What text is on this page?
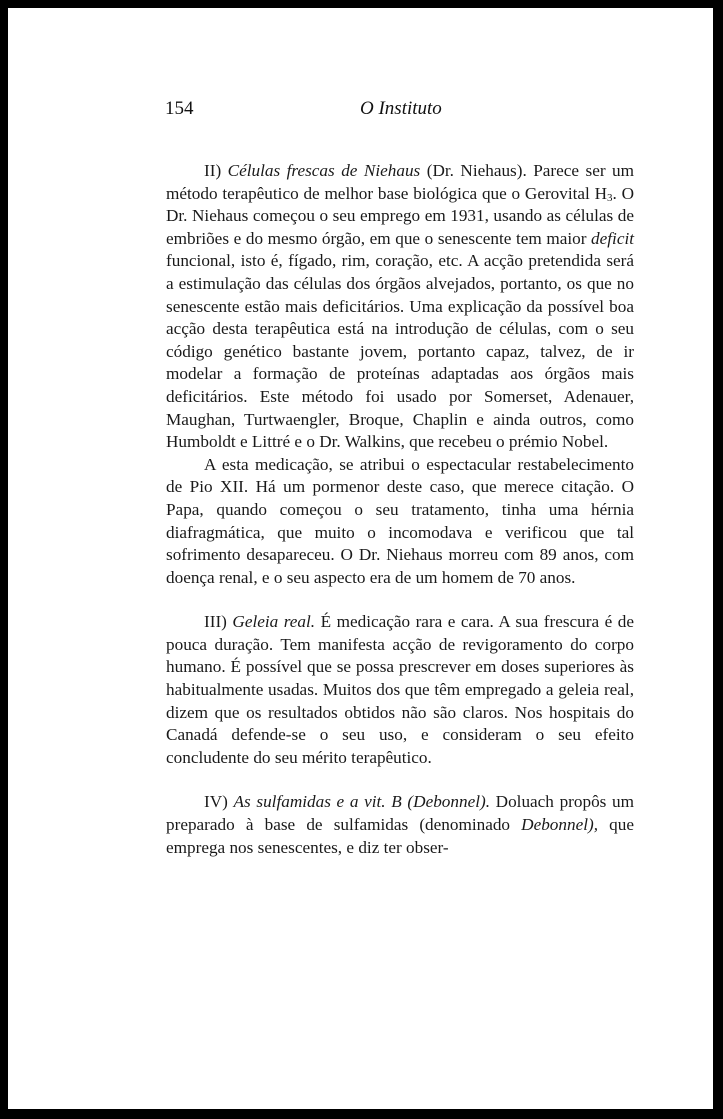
154	O Instituto

II) Células frescas de Niehaus (Dr. Niehaus). Parece ser um método terapêutico de melhor base biológica que o Gerovital $H_3$. O Dr. Niehaus começou o seu emprego em 1931, usando as células de embriões e do mesmo órgão, em que o senescente tem maior deficit funcional, isto é, fígado, rim, coração, etc. A acção pretendida será a estimulação das células dos órgãos alvejados, portanto, os que no senescente estão mais deficitários. Uma explicação da possível boa acção desta terapêutica está na introdução de células, com o seu código genético bastante jovem, portanto capaz, talvez, de ir modelar a formação de proteínas adaptadas aos órgãos mais deficitários. Este método foi usado por Somerset, Adenauer, Maughan, Turtwaengler, Broque, Chaplin e ainda outros, como Humboldt e Littré e o Dr. Walkins, que recebeu o prémio Nobel.

A esta medicação, se atribui o espectacular restabelecimento de Pio XII. Há um pormenor deste caso, que merece citação. O Papa, quando começou o seu tratamento, tinha uma hérnia diafragmática, que muito o incomodava e verificou que tal sofrimento desapareceu. O Dr. Niehaus morreu com 89 anos, com doença renal, e o seu aspecto era de um homem de 70 anos.

III) Geleia real. É medicação rara e cara. A sua frescura é de pouca duração. Tem manifesta acção de revigoramento do corpo humano. É possível que se possa prescrever em doses superiores às habitualmente usadas. Muitos dos que têm empregado a geleia real, dizem que os resultados obtidos não são claros. Nos hospitais do Canadá defende-se o seu uso, e consideram o seu efeito concludente do seu mérito terapêutico.

IV) As sulfamidas e a vit. B (Debonnel). Doluach propôs um preparado à base de sulfamidas (denominado Debonnel), que emprega nos senescentes, e diz ter obser-
